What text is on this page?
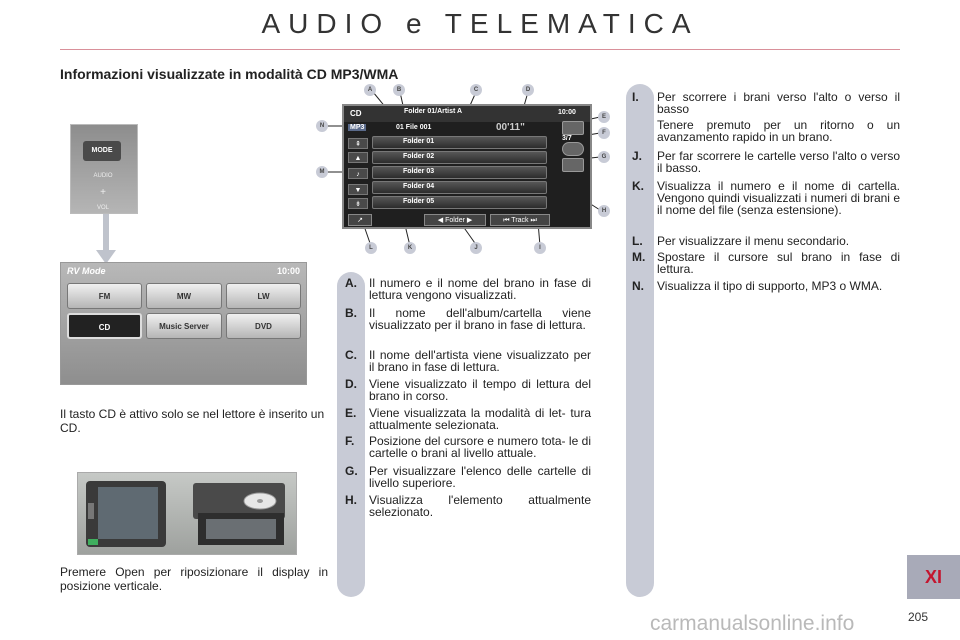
AUDIO e TELEMATICA
Informazioni visualizzate in modalità CD MP3/WMA
MODE
AUDIO
+
VOL
RV Mode	10:00
FM	MW	LW
CD	Music Server	DVD
Il tasto CD è attivo solo se nel lettore è inserito un CD.
Premere Open per riposizionare il display in posizione verticale.
CD	Folder 01/Artist A	10:00
MP3	01 File 001	00'11"
3/7
⇞
▲
♪
▼
⇟
Folder 01
Folder 02
Folder 03
Folder 04
Folder 05
↗	◀ Folder ▶	⏮ Track ⏭
A	B	C	D
E
F
G
H
I
J
K
L
M
N
A. Il numero e il nome del brano in fase di lettura vengono visualizzati.
B. Il nome dell'album/cartella viene visualizzato per il brano in fase di lettura.
C. Il nome dell'artista viene visualizzato per il brano in fase di lettura.
D. Viene visualizzato il tempo di lettura del brano in corso.
E. Viene visualizzata la modalità di let- tura attualmente selezionata.
F. Posizione del cursore e numero tota- le di cartelle o brani al livello attuale.
G. Per visualizzare l'elenco delle cartelle di livello superiore.
H. Visualizza l'elemento attualmente selezionato.
I. Per scorrere i brani verso l'alto o verso il basso

Tenere premuto per un ritorno o un avanzamento rapido in un brano.

J. Per far scorrere le cartelle verso l'alto o verso il basso.
K. Visualizza il numero e il nome di cartella. Vengono quindi visualizzati i numeri di brani e il nome del file (senza estensione).
L. Per visualizzare il menu secondario.
M. Spostare il cursore sul brano in fase di lettura.
N. Visualizza il tipo di supporto, MP3 o WMA.
XI
carmanualsonline.info	205
